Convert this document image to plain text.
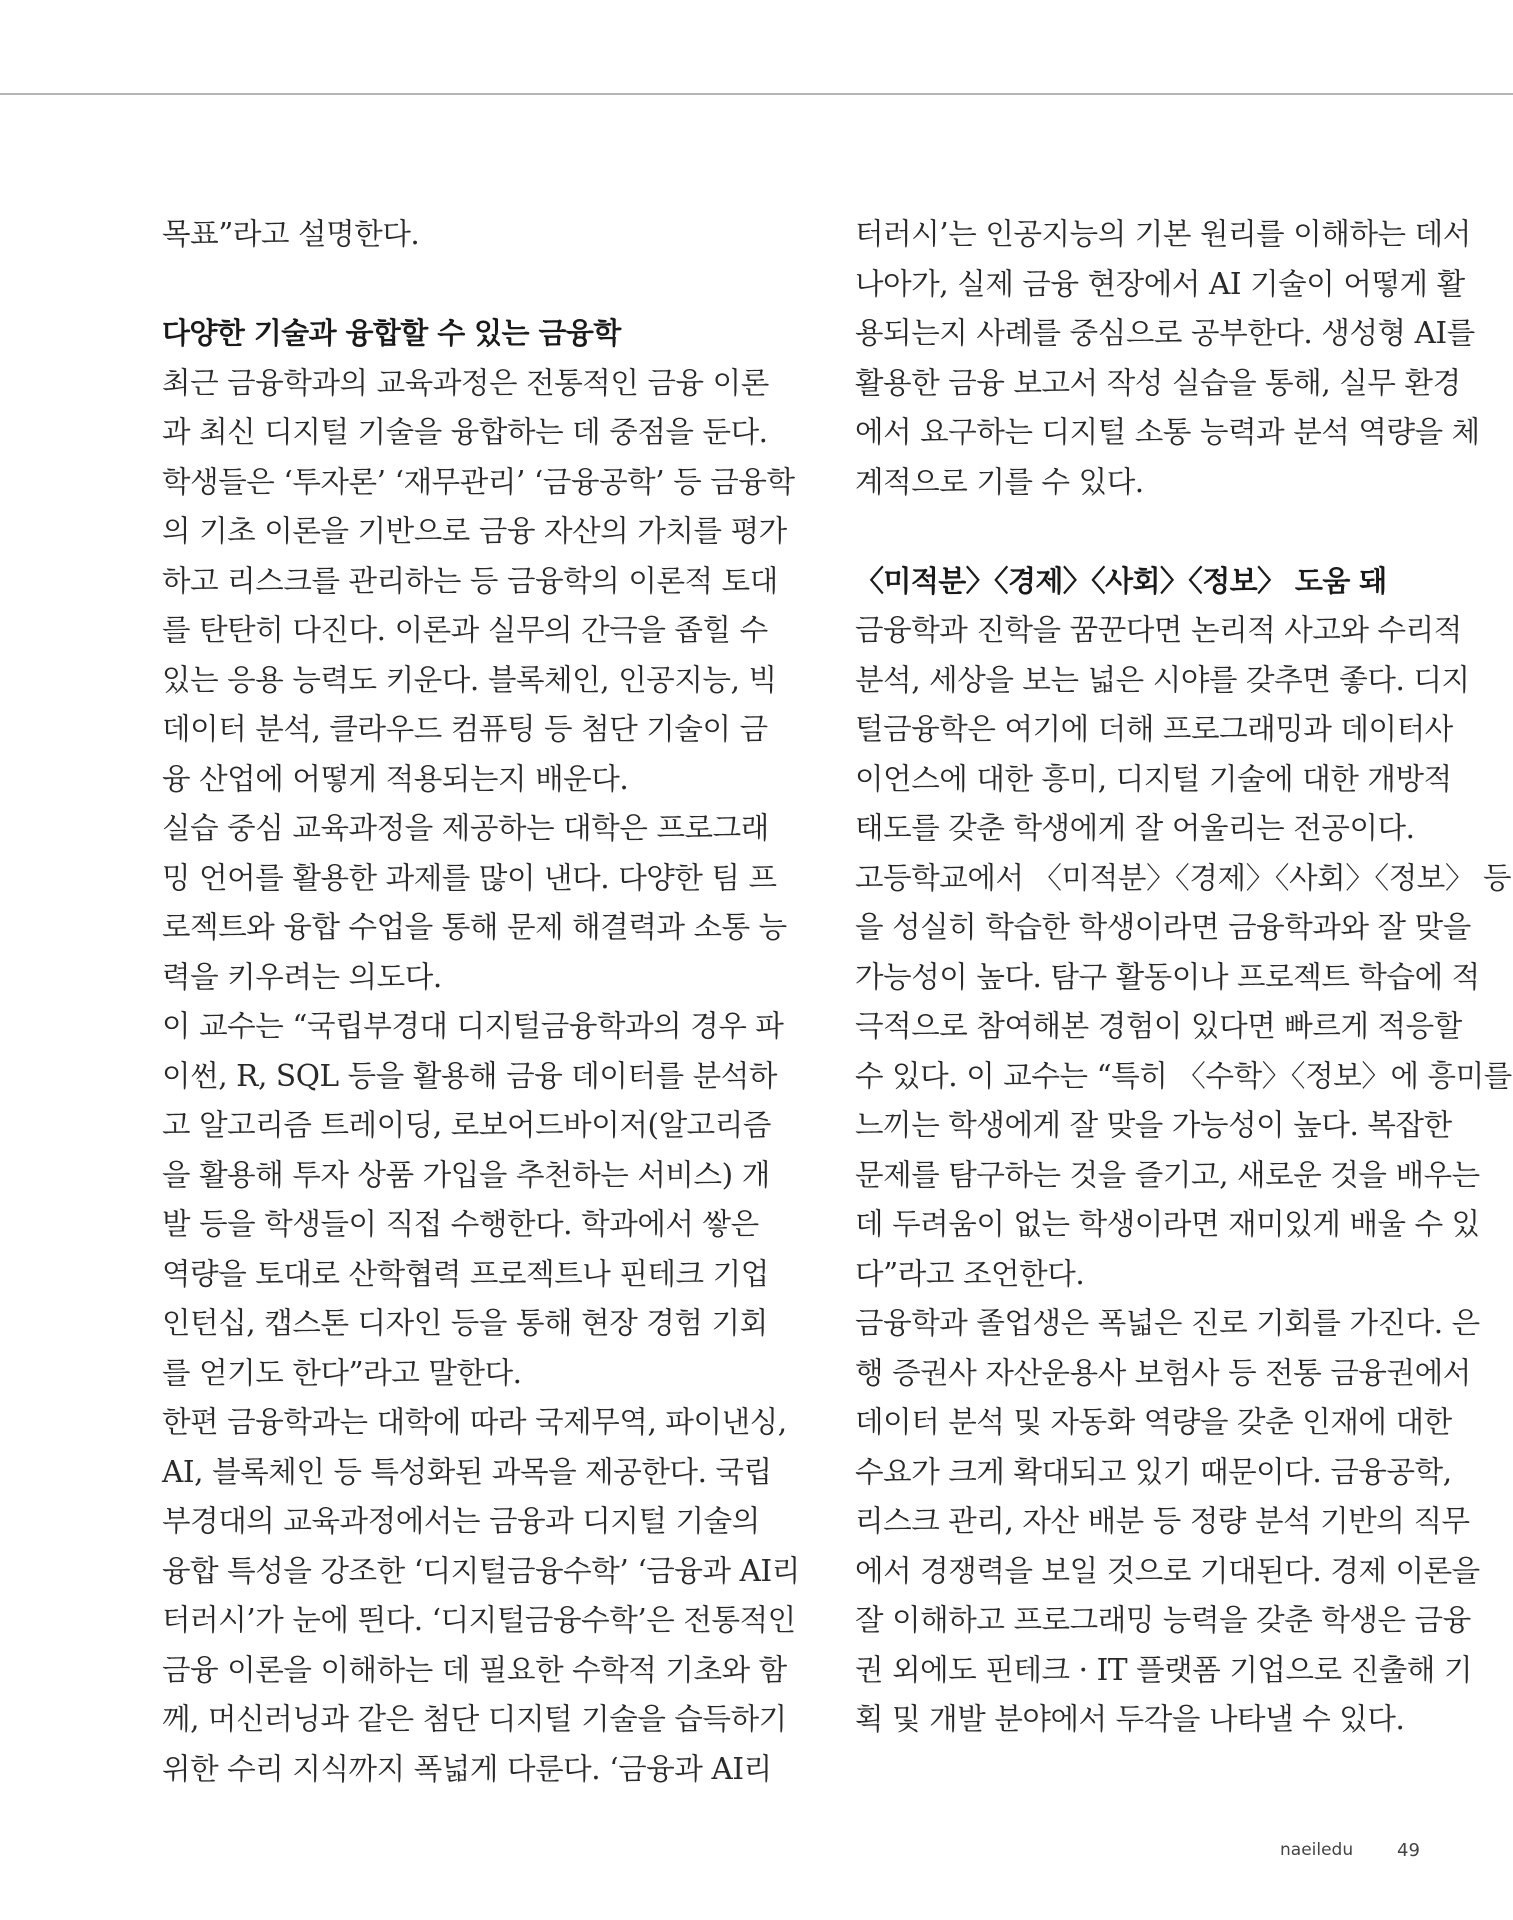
목표”라고 설명한다.
다양한 기술과 융합할 수 있는 금융학
최근 금융학과의 교육과정은 전통적인 금융 이론
과 최신 디지털 기술을 융합하는 데 중점을 둔다.
학생들은 ‘투자론’ ‘재무관리’ ‘금융공학’ 등 금융학
의 기초 이론을 기반으로 금융 자산의 가치를 평가
하고 리스크를 관리하는 등 금융학의 이론적 토대
를 탄탄히 다진다. 이론과 실무의 간극을 좁힐 수
있는 응용 능력도 키운다. 블록체인, 인공지능, 빅
데이터 분석, 클라우드 컴퓨팅 등 첨단 기술이 금
융 산업에 어떻게 적용되는지 배운다.
실습 중심 교육과정을 제공하는 대학은 프로그래
밍 언어를 활용한 과제를 많이 낸다. 다양한 팀 프
로젝트와 융합 수업을 통해 문제 해결력과 소통 능
력을 키우려는 의도다.
이 교수는 “국립부경대 디지털금융학과의 경우 파
이썬, R, SQL 등을 활용해 금융 데이터를 분석하
고 알고리즘 트레이딩, 로보어드바이저(알고리즘
을 활용해 투자 상품 가입을 추천하는 서비스) 개
발 등을 학생들이 직접 수행한다. 학과에서 쌓은
역량을 토대로 산학협력 프로젝트나 핀테크 기업
인턴십, 캡스톤 디자인 등을 통해 현장 경험 기회
를 얻기도 한다”라고 말한다.
한편 금융학과는 대학에 따라 국제무역, 파이낸싱,
AI, 블록체인 등 특성화된 과목을 제공한다. 국립
부경대의 교육과정에서는 금융과 디지털 기술의
융합 특성을 강조한 ‘디지털금융수학’ ‘금융과 AI리
터러시’가 눈에 띈다. ‘디지털금융수학’은 전통적인
금융 이론을 이해하는 데 필요한 수학적 기초와 함
께, 머신러닝과 같은 첨단 디지털 기술을 습득하기
위한 수리 지식까지 폭넓게 다룬다. ‘금융과 AI리
터러시’는 인공지능의 기본 원리를 이해하는 데서
나아가, 실제 금융 현장에서 AI 기술이 어떻게 활
용되는지 사례를 중심으로 공부한다. 생성형 AI를
활용한 금융 보고서 작성 실습을 통해, 실무 환경
에서 요구하는 디지털 소통 능력과 분석 역량을 체
계적으로 기를 수 있다.
〈미적분〉〈경제〉〈사회〉〈정보〉 도움 돼
금융학과 진학을 꿈꾼다면 논리적 사고와 수리적
분석, 세상을 보는 넓은 시야를 갖추면 좋다. 디지
털금융학은 여기에 더해 프로그래밍과 데이터사
이언스에 대한 흥미, 디지털 기술에 대한 개방적
태도를 갖춘 학생에게 잘 어울리는 전공이다.
고등학교에서 〈미적분〉〈경제〉〈사회〉〈정보〉 등
을 성실히 학습한 학생이라면 금융학과와 잘 맞을
가능성이 높다. 탐구 활동이나 프로젝트 학습에 적
극적으로 참여해본 경험이 있다면 빠르게 적응할
수 있다. 이 교수는 “특히 〈수학〉〈정보〉에 흥미를
느끼는 학생에게 잘 맞을 가능성이 높다. 복잡한
문제를 탐구하는 것을 즐기고, 새로운 것을 배우는
데 두려움이 없는 학생이라면 재미있게 배울 수 있
다”라고 조언한다.
금융학과 졸업생은 폭넓은 진로 기회를 가진다. 은
행 증권사 자산운용사 보험사 등 전통 금융권에서
데이터 분석 및 자동화 역량을 갖춘 인재에 대한
수요가 크게 확대되고 있기 때문이다. 금융공학,
리스크 관리, 자산 배분 등 정량 분석 기반의 직무
에서 경쟁력을 보일 것으로 기대된다. 경제 이론을
잘 이해하고 프로그래밍 능력을 갖춘 학생은 금융
권 외에도 핀테크 · IT 플랫폼 기업으로 진출해 기
획 및 개발 분야에서 두각을 나타낼 수 있다.
naeiledu 49
